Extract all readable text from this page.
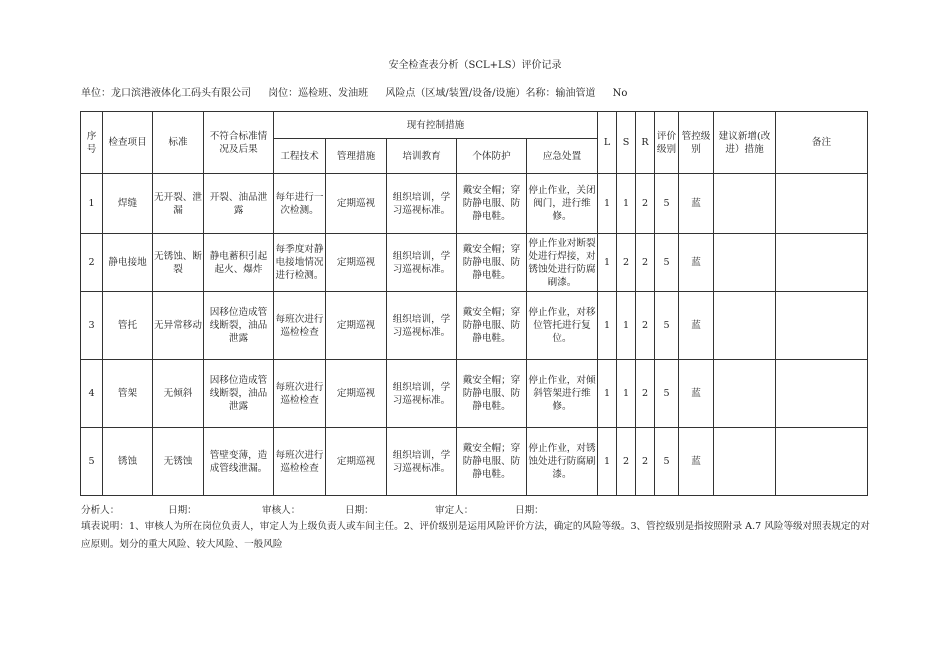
安全检查表分析（SCL+LS）评价记录
单位：龙口滨港液体化工码头有限公司 岗位：巡检班、发油班 风险点（区域/装置/设备/设施）名称：输油管道 No
序号	检查项目	标准	不符合标准情况及后果	现有控制措施					L	S	R	评价级别	管控级别	建议新增(改进）措施	备注
				工程技术	管理措施	培训教育	个体防护	应急处置							
1	焊缝	无开裂、泄漏	开裂、油品泄露	每年进行一次检测。	定期巡视	组织培训，学习巡视标准。	戴安全帽；穿防静电服、防静电鞋。	停止作业，关闭阀门，进行维修。	1	1	2	5	蓝		
2	静电接地	无锈蚀、断裂	静电蓄积引起起火、爆炸	每季度对静电接地情况进行检测。	定期巡视	组织培训，学习巡视标准。	戴安全帽；穿防静电服、防静电鞋。	停止作业对断裂处进行焊接，对锈蚀处进行防腐刷漆。	1	2	2	5	蓝		
3	管托	无异常移动	因移位造成管线断裂，油品泄露	每班次进行巡检检查	定期巡视	组织培训，学习巡视标准。	戴安全帽；穿防静电服、防静电鞋。	停止作业，对移位管托进行复位。	1	1	2	5	蓝		
4	管架	无倾斜	因移位造成管线断裂，油品泄露	每班次进行巡检检查	定期巡视	组织培训，学习巡视标准。	戴安全帽；穿防静电服、防静电鞋。	停止作业，对倾斜管架进行维修。	1	1	2	5	蓝		
5	锈蚀	无锈蚀	管壁变薄，造成管线泄漏。	每班次进行巡检检查	定期巡视	组织培训，学习巡视标准。	戴安全帽；穿防静电服、防静电鞋。	停止作业，对锈蚀处进行防腐刷漆。	1	2	2	5	蓝		
分析人：	日期：	审核人：	日期：	审定人：	日期：
填表说明：1、审核人为所在岗位负责人，审定人为上级负责人或车间主任。2、评价级别是运用风险评价方法，确定的风险等级。3、管控级别是指按照附录 A.7 风险等级对照表规定的对应原则。划分的重大风险、较大风险、一般风险
